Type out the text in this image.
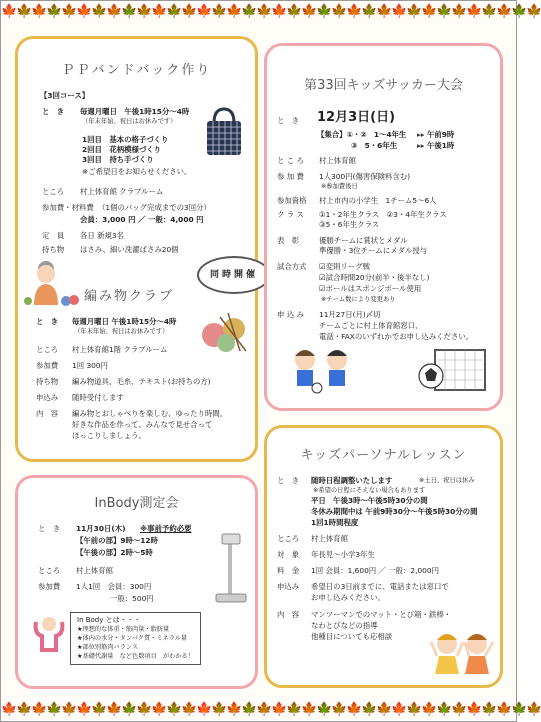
🍁🍁🍁🍁🍁🍁🍁🍁🍁🍁🍁🍁🍁🍁🍁🍁🍁🍁🍁🍁🍁🍁🍁🍁🍁🍁🍁🍁🍁🍁🍁🍁🍁🍁🍁🍁
🍁🍁🍁🍁🍁🍁🍁🍁🍁🍁🍁🍁🍁🍁🍁🍁🍁🍁🍁🍁🍁🍁🍁🍁🍁🍁🍁🍁🍁🍁🍁🍁🍁🍁🍁🍁
ＰＰバンドバック作り
【3回コース】
と　き 毎週月曜日　午後1時15分～4時
（年末年始、祝日はお休みです）
1回目　基本の格子づくり
2回目　花柄模様づくり
3回目　持ち手づくり
※ご希望日をお知らせください。
ところ 村上体育館 クラブルーム
参加費・材料費 （1個のバッグ完成までの3回分）
会員：3,000 円 ／ 一般：4,000 円
定　員 各日 新規3名
持ち物 はさみ、細い洗濯ばさみ20個
編み物クラブ
と　き 毎週月曜日 午後1時15分～4時
（年末年始、祝日はお休みです）
ところ 村上体育館1階 クラブルーム
参加費 1回 300円
持ち物 編み物道具、毛糸、テキスト(お持ちの方)
申込み 随時受付します
内　容 編み物とおしゃべりを楽しむ、ゆったり時間。
好きな作品を作って、みんなで見せ合って
ほっこりしましょう。
同時開催
InBody測定会
と　き 11月30日(木) ※事前予約必要
【午前の部】9時～12時
【午後の部】2時～5時
ところ 村上体育館
参加費 1人1回　会員：300円
一般：500円
In Body とは・・・
★理想的な体重・筋肉量・脂肪量
★体内の水分・タンパク質・ミネラル量
★部位別筋肉バランス
★基礎代謝量　など色数項目　がわかる！
第33回キッズサッカー大会
と　き 12月3日(日)
【集合】①・②　1～4年生 ▸▸ 午前9時
③　5・6年生	▸▸ 午後1時
と こ ろ 村上体育館
参 加 費 1人300円(傷害保険料含む)
※参加費後日
参加資格 村上市内の小学生　1チーム5～6人
ク ラ ス ①1・2年生クラス　②3・4年生クラス
③5・6年生クラス
表　彰	優勝チームに賞状とメダル
準優勝・3位チームにメダル授与
試合方式 ☑変則リーグ戦
☑試合時間20分(前半・後半なし)
☑ボールはスポンジボール使用
※チーム数により変更あり
申 込 み 11月27日(月)〆切
チームごとに村上体育館窓口、
電話・FAXのいずれかでお申し込みください。
キッズパーソナルレッスン
と　き 随時日程調整いたします	※土日、祝日は休み
※希望の日程にそえない場合もあります
平日　午後3時～午後5時30分の間
冬休み期間中は 午前9時30分～午後5時30分の間
1回1時間程度
ところ 村上体育館
対　象 年長児～小学3年生
料　金 1回 会員：1,600円 ／ 一般：2,000円
申込み 希望日の3日前までに、電話または窓口で
お申し込みください。
内　容 マンツーマンでのマット・とび箱・鉄棒・
なわとびなどの指導
他種目についても応相談
